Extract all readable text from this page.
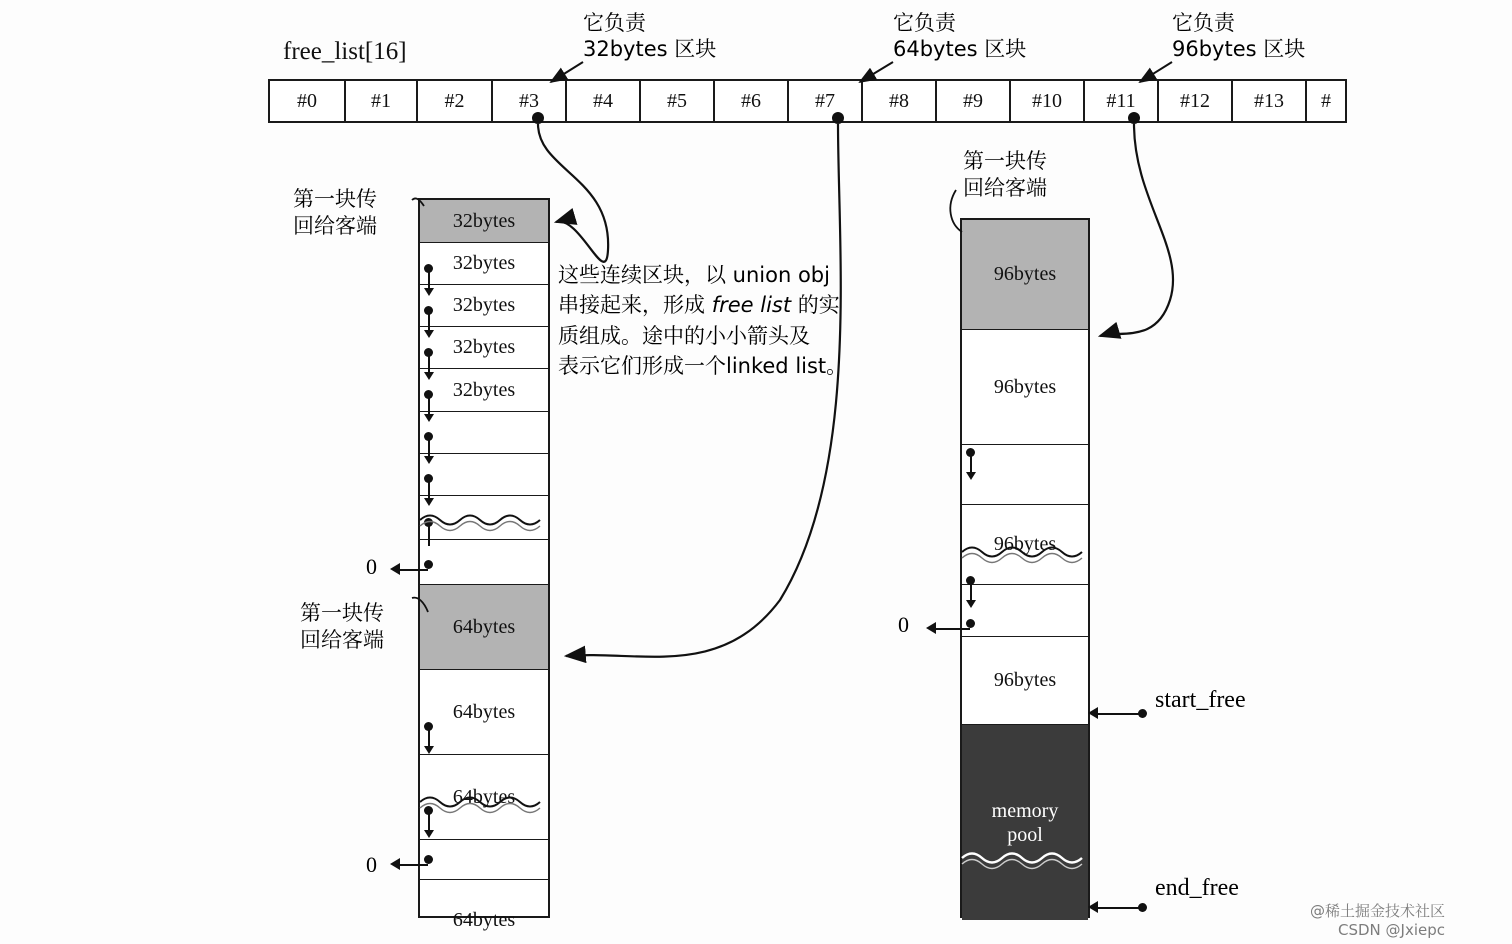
free_list[16]
#0	#1	#2	#3	#4	#5	#6	#7	#8	#9	#10	#11	#12	#13	#
它负责
32bytes 区块
它负责
64bytes 区块
它负责
96bytes 区块
32bytes
32bytes
32bytes
32bytes
32bytes
64bytes
64bytes
64bytes
64bytes
96bytes
96bytes
96bytes
96bytes
memory
pool
第一块传
回给客端
第一块传
回给客端
第一块传
回给客端
这些连续区块，以 union obj
串接起来，形成 free list 的实
质组成。途中的小小箭头及
表示它们形成一个linked list。
0
0
0
start_free
end_free
@稀土掘金技术社区
CSDN @Jxiepc
